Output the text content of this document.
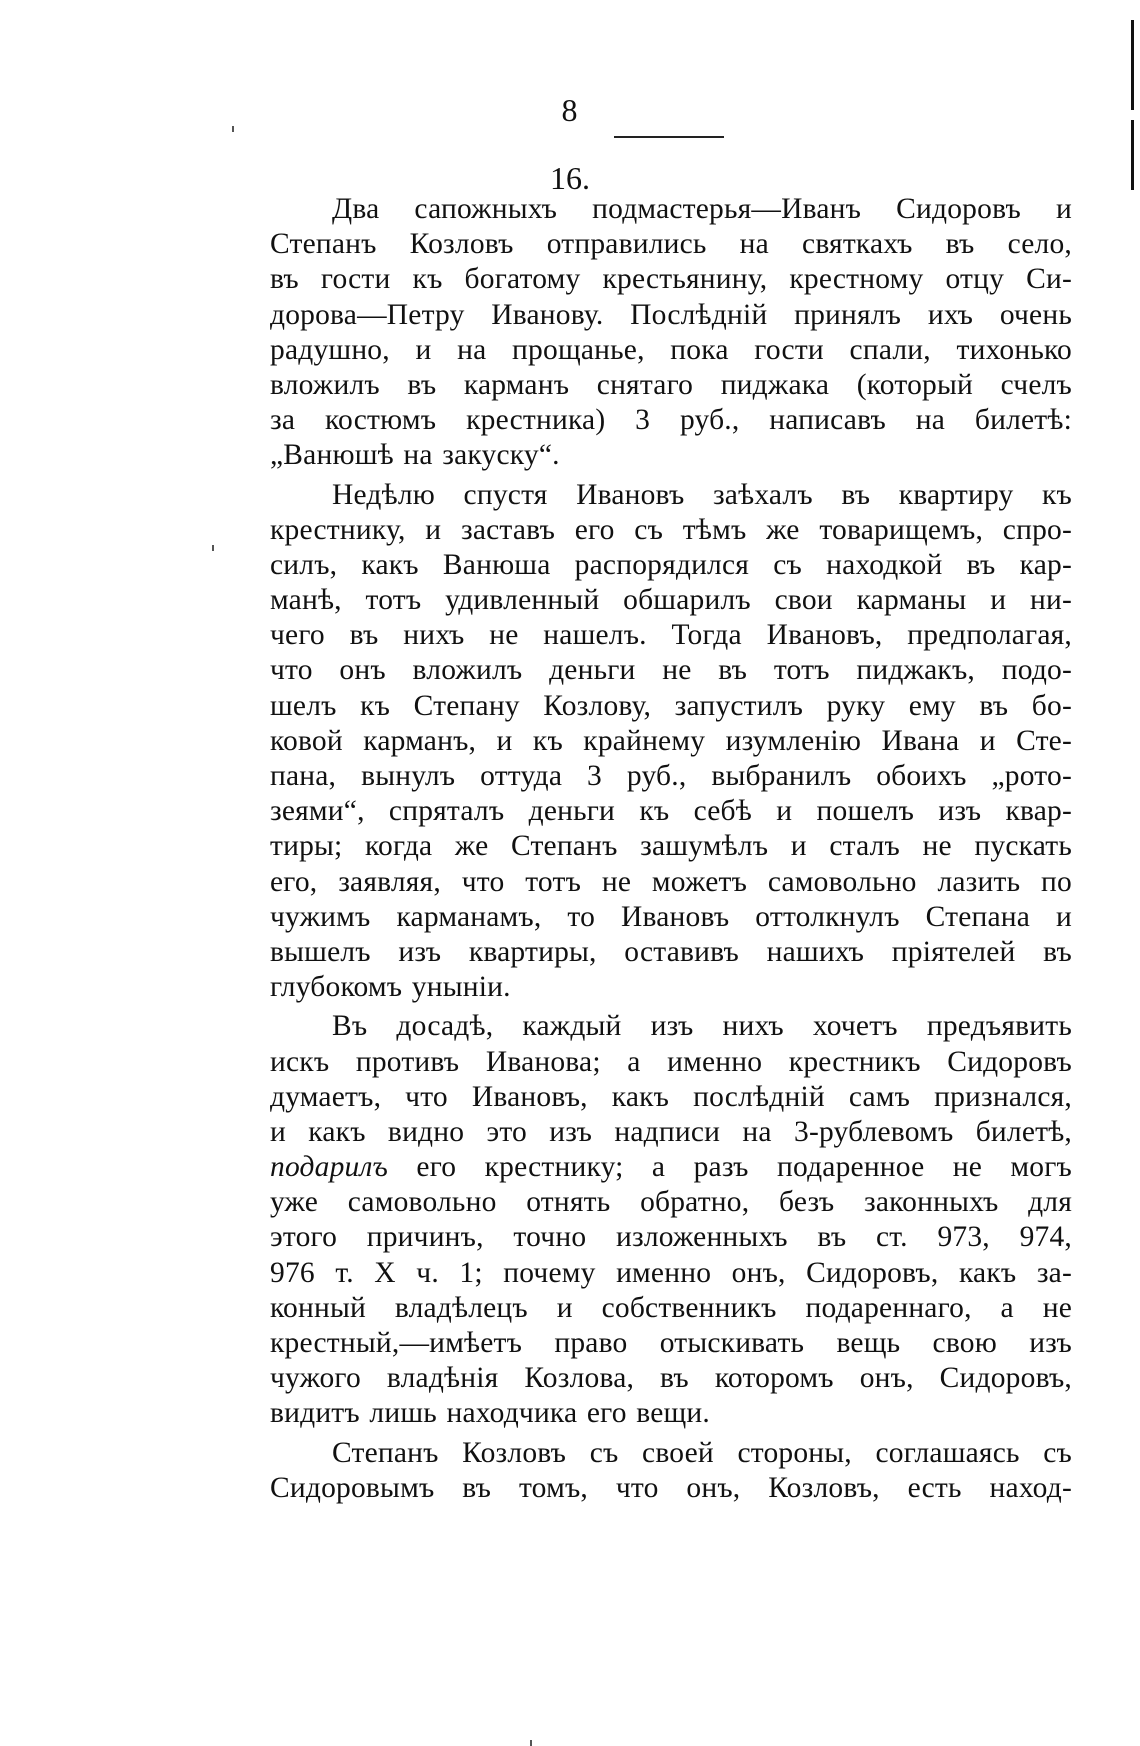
8
16.
Два сапожныхъ подмастерья—Иванъ Сидоровъ и
Степанъ Козловъ отправились на святкахъ въ село,
въ гости къ богатому крестьянину, крестному отцу Си-
дорова—Петру Иванову. Послѣдній принялъ ихъ очень
радушно, и на прощанье, пока гости спали, тихонько
вложилъ въ карманъ снятаго пиджака (который счелъ
за костюмъ крестника) 3 руб., написавъ на билетѣ:
„Ванюшѣ на закуску“.
Недѣлю спустя Ивановъ заѣхалъ въ квартиру къ
крестнику, и заставъ его съ тѣмъ же товарищемъ, спро-
силъ, какъ Ванюша распорядился съ находкой въ кар-
манѣ, тотъ удивленный обшарилъ свои карманы и ни-
чего въ нихъ не нашелъ. Тогда Ивановъ, предполагая,
что онъ вложилъ деньги не въ тотъ пиджакъ, подо-
шелъ къ Степану Козлову, запустилъ руку ему въ бо-
ковой карманъ, и къ крайнему изумленію Ивана и Сте-
пана, вынулъ оттуда 3 руб., выбранилъ обоихъ „рото-
зеями“, спряталъ деньги къ себѣ и пошелъ изъ квар-
тиры; когда же Степанъ зашумѣлъ и сталъ не пускать
его, заявляя, что тотъ не можетъ самовольно лазить по
чужимъ карманамъ, то Ивановъ оттолкнулъ Степана и
вышелъ изъ квартиры, оставивъ нашихъ пріятелей въ
глубокомъ уныніи.
Въ досадѣ, каждый изъ нихъ хочетъ предъявить
искъ противъ Иванова; а именно крестникъ Сидоровъ
думаетъ, что Ивановъ, какъ послѣдній самъ признался,
и какъ видно это изъ надписи на 3-рублевомъ билетѣ,
подарилъ его крестнику; а разъ подаренное не могъ
уже самовольно отнять обратно, безъ законныхъ для
этого причинъ, точно изложенныхъ въ ст. 973, 974,
976 т. X ч. 1; почему именно онъ, Сидоровъ, какъ за-
конный владѣлецъ и собственникъ подареннаго, а не
крестный,—имѣетъ право отыскивать вещь свою изъ
чужого владѣнія Козлова, въ которомъ онъ, Сидоровъ,
видитъ лишь находчика его вещи.
Степанъ Козловъ съ своей стороны, соглашаясь съ
Сидоровымъ въ томъ, что онъ, Козловъ, есть наход-
